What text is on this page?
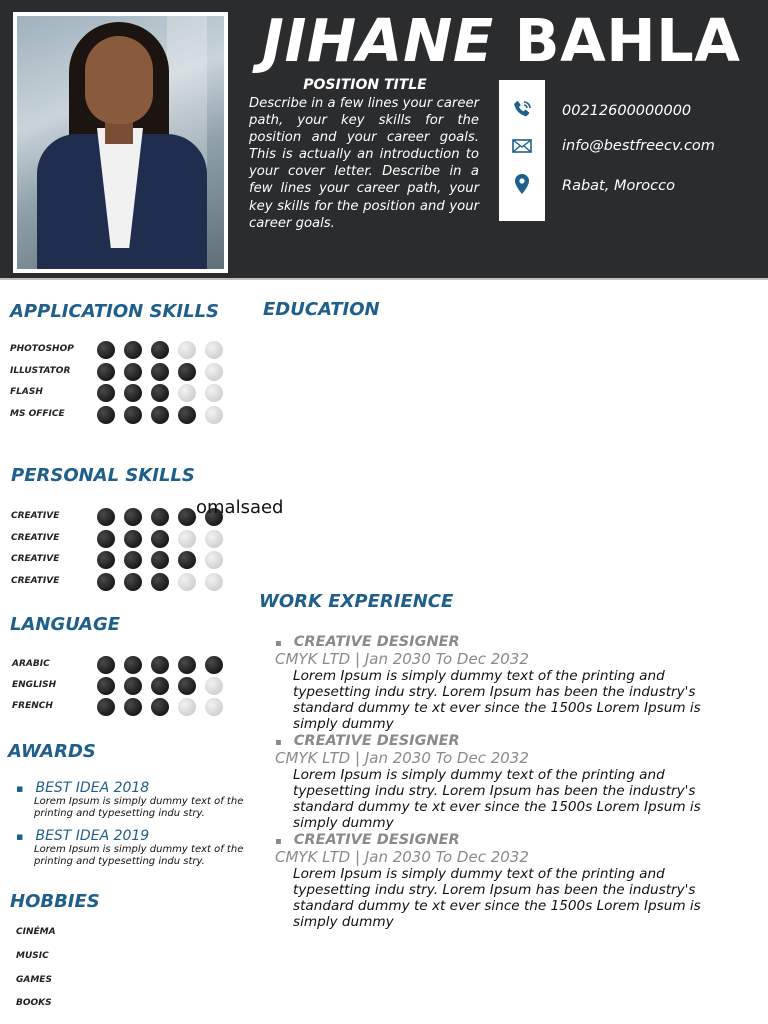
JIHANE BAHLA
POSITION TITLE
Describe in a few lines your career path, your key skills for the position and your career goals. This is actually an introduction to your cover letter. Describe in a few lines your career path, your key skills for the position and your career goals.
00212600000000
info@bestfreecv.com
Rabat, Morocco
APPLICATION SKILLS
PHOTOSHOP
ILLUSTATOR
FLASH
MS OFFICE
PERSONAL SKILLS
CREATIVE
CREATIVE
CREATIVE
CREATIVE
omalsaed
LANGUAGE
ARABIC
ENGLISH
FRENCH
AWARDS
▪ BEST IDEA 2018
Lorem Ipsum is simply dummy text of the printing and typesetting indu stry.
▪ BEST IDEA 2019
Lorem Ipsum is simply dummy text of the printing and typesetting indu stry.
HOBBIES
CINÉMA
MUSIC
GAMES
BOOKS
EDUCATION
WORK EXPERIENCE
▪ CREATIVE DESIGNER
CMYK LTD | Jan 2030 To Dec 2032
Lorem Ipsum is simply dummy text of the printing and typesetting indu stry. Lorem Ipsum has been the industry's standard dummy te xt ever since the 1500s Lorem Ipsum is simply dummy
▪ CREATIVE DESIGNER
CMYK LTD | Jan 2030 To Dec 2032
Lorem Ipsum is simply dummy text of the printing and typesetting indu stry. Lorem Ipsum has been the industry's standard dummy te xt ever since the 1500s Lorem Ipsum is simply dummy
▪ CREATIVE DESIGNER
CMYK LTD | Jan 2030 To Dec 2032
Lorem Ipsum is simply dummy text of the printing and typesetting indu stry. Lorem Ipsum has been the industry's standard dummy te xt ever since the 1500s Lorem Ipsum is simply dummy
